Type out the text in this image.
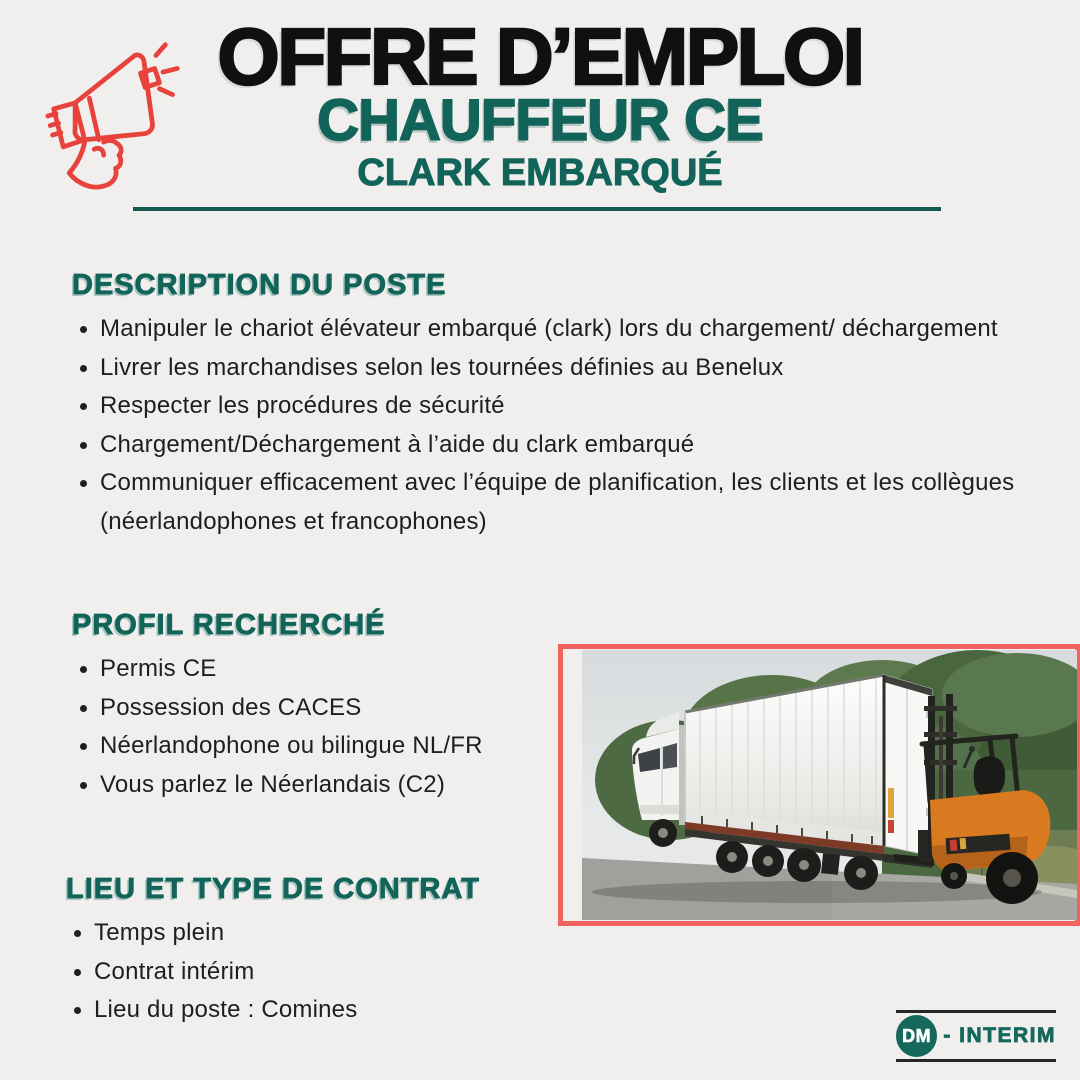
OFFRE D’EMPLOI
CHAUFFEUR CE
CLARK EMBARQUÉ
DESCRIPTION DU POSTE
Manipuler le chariot élévateur embarqué (clark) lors du chargement/ déchargement
Livrer les marchandises selon les tournées définies au Benelux
Respecter les procédures de sécurité
Chargement/Déchargement à l’aide du clark embarqué
Communiquer efficacement avec l’équipe de planification, les clients et les collègues (néerlandophones et francophones)
PROFIL RECHERCHÉ
Permis CE
Possession des CACES
Néerlandophone ou bilingue NL/FR
Vous parlez le Néerlandais (C2)
LIEU ET TYPE DE CONTRAT
Temps plein
Contrat intérim
Lieu du poste : Comines
DM - INTERIM
